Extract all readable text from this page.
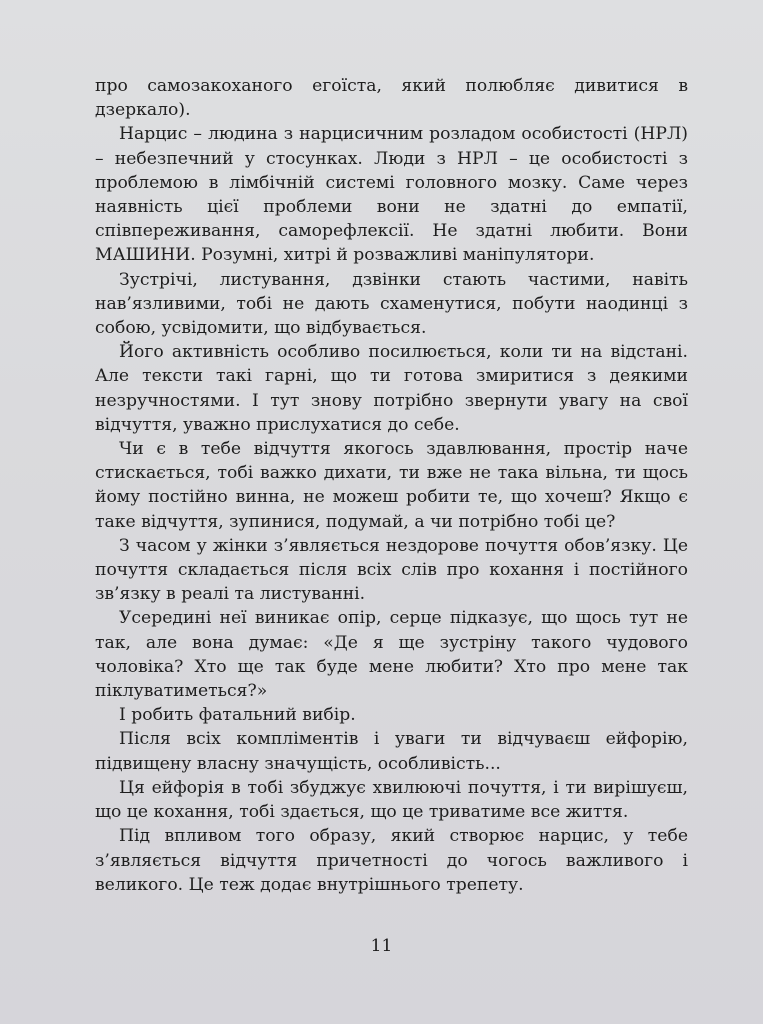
про самозакоханого егоїста, який полюбляє дивитися в дзеркало).

Нарцис – людина з нарцисичним розладом особистості (НРЛ) – небезпечний у стосунках. Люди з НРЛ – це особистості з проблемою в лімбічній системі головного мозку. Саме через наявність цієї проблеми вони не здатні до емпатії, співпереживання, саморефлексії. Не здатні любити. Вони МАШИНИ. Розумні, хитрі й розважливі маніпулятори.

Зустрічі, листування, дзвінки стають частими, навіть нав’язливими, тобі не дають схаменутися, побути наодинці з собою, усвідомити, що відбувається.

Його активність особливо посилюється, коли ти на відстані. Але тексти такі гарні, що ти готова змиритися з деякими незручностями. І тут знову потрібно звернути увагу на свої відчуття, уважно прислухатися до себе.

Чи є в тебе відчуття якогось здавлювання, простір наче стискається, тобі важко дихати, ти вже не така вільна, ти щось йому постійно винна, не можеш робити те, що хочеш? Якщо є таке відчуття, зупинися, подумай, а чи потрібно тобі це?

З часом у жінки з’являється нездорове почуття обов’язку. Це почуття складається після всіх слів про кохання і постійного зв’язку в реалі та листуванні.

Усередині неї виникає опір, серце підказує, що щось тут не так, але вона думає: «Де я ще зустріну такого чудового чоловіка? Хто ще так буде мене любити? Хто про мене так піклуватиметься?»

І робить фатальний вибір.

Після всіх компліментів і уваги ти відчуваєш ейфорію, підвищену власну значущість, особливість...

Ця ейфорія в тобі збуджує хвилюючі почуття, і ти вирішуєш, що це кохання, тобі здається, що це триватиме все життя.

Під впливом того образу, який створює нарцис, у тебе з’являється відчуття причетності до чогось важливого і великого. Це теж додає внутрішнього трепету.

11
